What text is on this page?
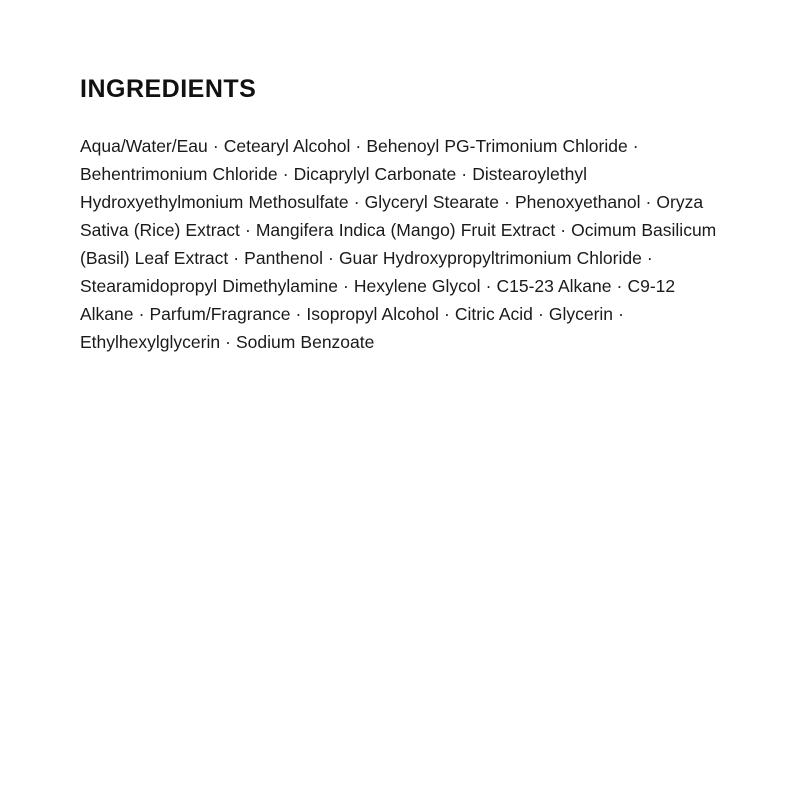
INGREDIENTS

Aqua/Water/Eau · Cetearyl Alcohol · Behenoyl PG-Trimonium Chloride · Behentrimonium Chloride · Dicaprylyl Carbonate · Distearoylethyl Hydroxyethylmonium Methosulfate · Glyceryl Stearate · Phenoxyethanol · Oryza Sativa (Rice) Extract · Mangifera Indica (Mango) Fruit Extract · Ocimum Basilicum (Basil) Leaf Extract · Panthenol · Guar Hydroxypropyltrimonium Chloride · Stearamidopropyl Dimethylamine · Hexylene Glycol · C15-23 Alkane · C9-12 Alkane · Parfum/Fragrance · Isopropyl Alcohol · Citric Acid · Glycerin · Ethylhexylglycerin · Sodium Benzoate
